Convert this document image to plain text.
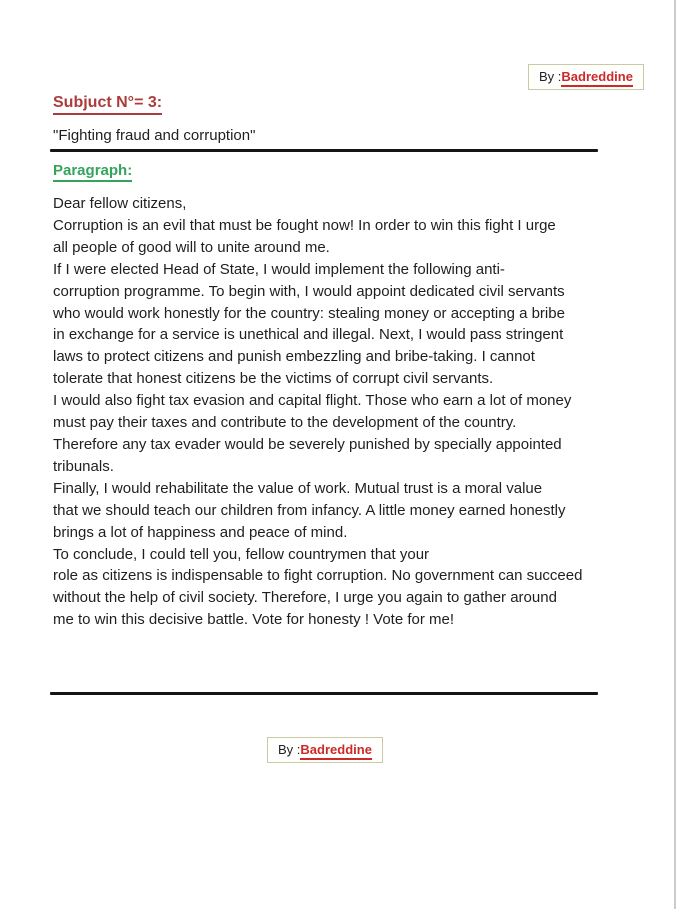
By :Badreddine
Subjuct N°= 3:
"Fighting fraud and corruption"
Paragraph:
Dear fellow citizens,
Corruption is an evil that must be fought now! In order to win this fight I urge
all people of good will to unite around me.
If I were elected Head of State, I would implement the following anti-
corruption programme. To begin with, I would appoint dedicated civil servants
who would work honestly for the country: stealing money or accepting a bribe
in exchange for a service is unethical and illegal. Next, I would pass stringent
laws to protect citizens and punish embezzling and bribe-taking. I cannot
tolerate that honest citizens be the victims of corrupt civil servants.
I would also fight tax evasion and capital flight. Those who earn a lot of money
must pay their taxes and contribute to the development of the country.
Therefore any tax evader would be severely punished by specially appointed
tribunals.
Finally, I would rehabilitate the value of work. Mutual trust is a moral value
that we should teach our children from infancy. A little money earned honestly
brings a lot of happiness and peace of mind.
To conclude, I could tell you, fellow countrymen that your
role as citizens is indispensable to fight corruption. No government can succeed
without the help of civil society. Therefore, I urge you again to gather around
me to win this decisive battle. Vote for honesty ! Vote for me!
By :Badreddine
